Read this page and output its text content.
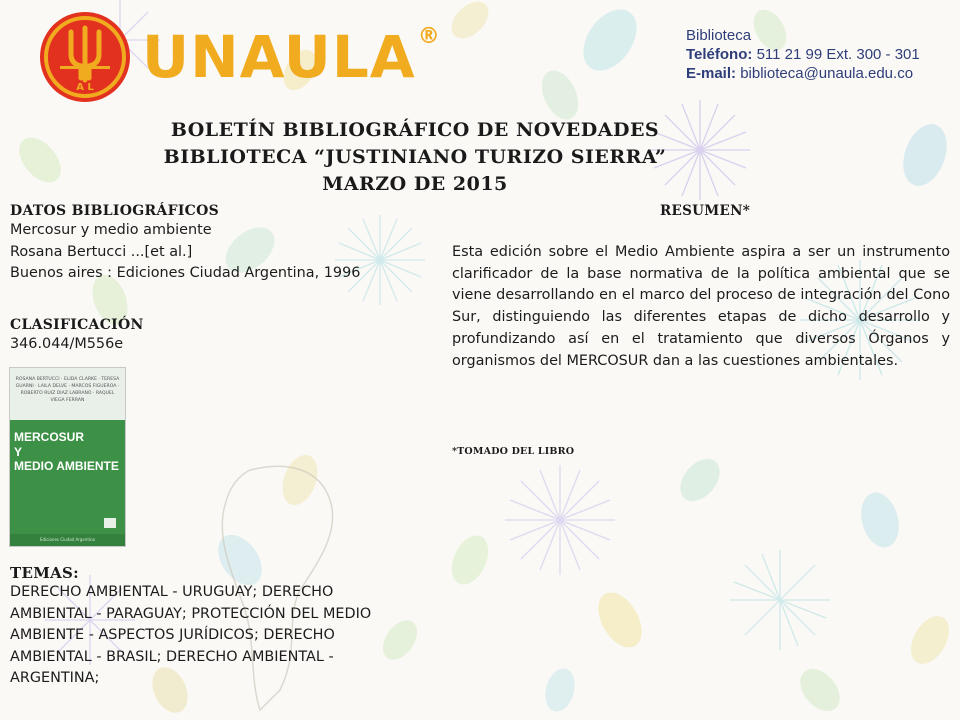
A L UNAULA®	Biblioteca
Teléfono: 511 21 99 Ext. 300 - 301
E-mail: biblioteca@unaula.edu.co
BOLETÍN BIBLIOGRÁFICO DE NOVEDADES
BIBLIOTECA “JUSTINIANO TURIZO SIERRA”
MARZO DE 2015
DATOS BIBLIOGRÁFICOS
Mercosur y medio ambiente
Rosana Bertucci ...[et al.]
Buenos aires : Ediciones Ciudad Argentina, 1996
CLASIFICACIÓN
346.044/M556e
ROSANA BERTUCCI · ELIDA CLARKE · TERESA GUARNI · LAILA DELVE · MARCOS FIGUEROA · ROBERTO RUIZ DIAZ LABRANO · RAQUEL VIEGA FERRAN
MERCOSUR
Y
MEDIO AMBIENTE
Ediciones Ciudad Argentina
TEMAS:
DERECHO AMBIENTAL - URUGUAY; DERECHO AMBIENTAL - PARAGUAY; PROTECCIÓN DEL MEDIO AMBIENTE - ASPECTOS JURÍDICOS; DERECHO AMBIENTAL - BRASIL; DERECHO AMBIENTAL - ARGENTINA;
RESUMEN*
Esta edición sobre el Medio Ambiente aspira a ser un instrumento clarificador de la base normativa de la política ambiental que se viene desarrollando en el marco del proceso de integración del Cono Sur, distinguiendo las diferentes etapas de dicho desarrollo y profundizando así en el tratamiento que diversos Órganos y organismos del MERCOSUR dan a las cuestiones ambientales.
*TOMADO DEL LIBRO
